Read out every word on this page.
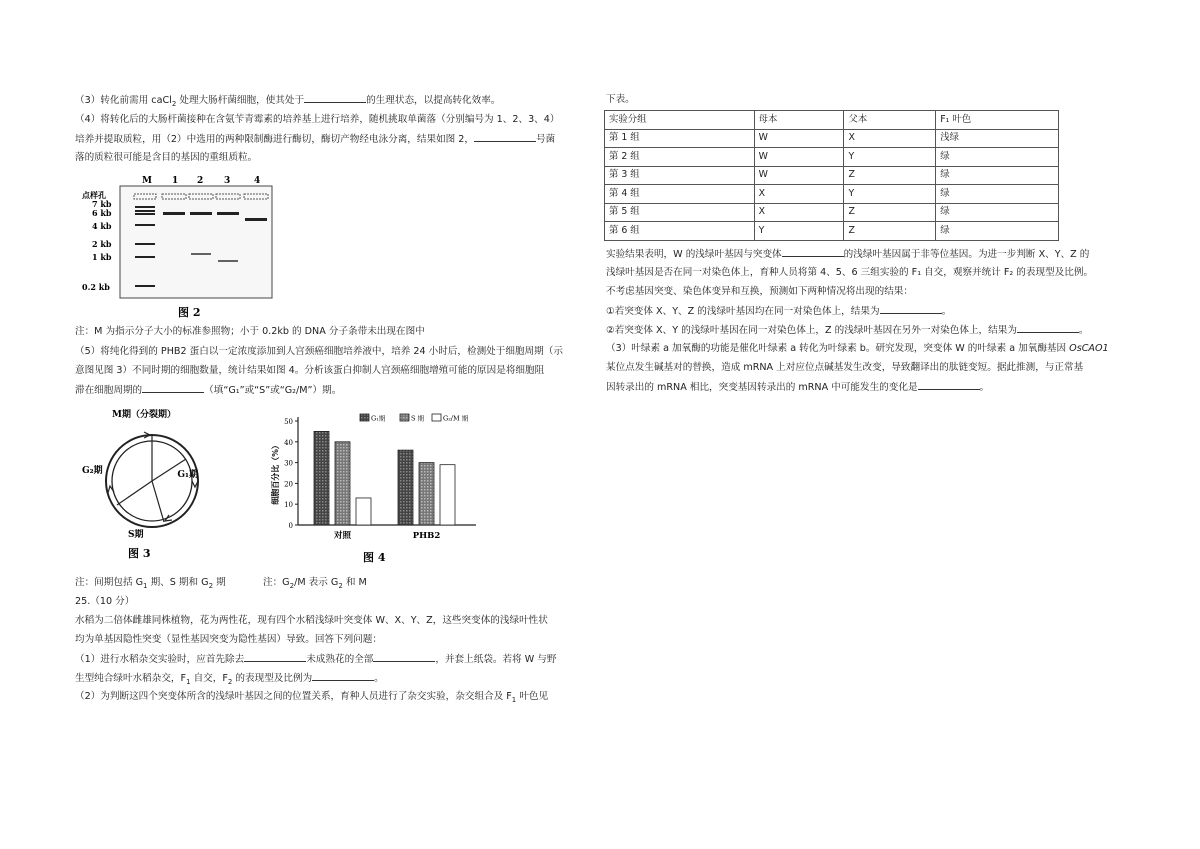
（3）转化前需用 caCl$_2$ 处理大肠杆菌细胞，使其处于	的生理状态，以提高转化效率。
（4）将转化后的大肠杆菌接种在含氨苄青霉素的培养基上进行培养，随机挑取单菌落（分别编号为 1、2、3、4）
培养并提取质粒，用（2）中选用的两种限制酶进行酶切，酶切产物经电泳分离，结果如图 2，	号菌
落的质粒很可能是含目的基因的重组质粒。
M 1 2 3	4
点样孔
7 kb
6 kb
4 kb
2 kb
1 kb
0.2 kb
图 2
注：M 为指示分子大小的标准参照物；小于 0.2kb 的 DNA 分子条带未出现在图中
（5）将纯化得到的 PHB2 蛋白以一定浓度添加到人宫颈癌细胞培养液中，培养 24 小时后，检测处于细胞周期（示
意图见图 3）不同时期的细胞数量，统计结果如图 4。分析该蛋白抑制人宫颈癌细胞增殖可能的原因是将细胞阻
滞在细胞周期的	（填“G₁”或“S”或“G₂/M”）期。
M期（分裂期）
G₂期	G₁期
S期
图 3
0
10
20
30
40
50
细胞百分比（%）
对照	PHB2
G₁期	S 期	G₂/M 期
图 4
注：间期包括 $G_1$ 期、S 期和 $G_2$ 期	注：$G_2/M$ 表示 $G_2$ 和 M
25.（10 分）
水稻为二倍体雌雄同株植物，花为两性花，现有四个水稻浅绿叶突变体 W、X、Y、Z，这些突变体的浅绿叶性状
均为单基因隐性突变（显性基因突变为隐性基因）导致。回答下列问题：
（1）进行水稻杂交实验时，应首先除去	未成熟花的全部	，并套上纸袋。若将 W 与野
生型纯合绿叶水稻杂交，$F_1$ 自交，$F_2$ 的表现型及比例为	。
（2）为判断这四个突变体所含的浅绿叶基因之间的位置关系，育种人员进行了杂交实验，杂交组合及 $F_1$ 叶色见
下表。
实验分组	母本	父本	F₁ 叶色
第 1 组	W	X	浅绿
第 2 组	W	Y	绿
第 3 组	W	Z	绿
第 4 组	X	Y	绿
第 5 组	X	Z	绿
第 6 组	Y	Z	绿
实验结果表明，W 的浅绿叶基因与突变体	的浅绿叶基因属于非等位基因。为进一步判断 X、Y、Z 的
浅绿叶基因是否在同一对染色体上，育种人员将第 4、5、6 三组实验的 F₁ 自交，观察并统计 F₂ 的表现型及比例。
不考虑基因突变、染色体变异和互换，预测如下两种情况将出现的结果：
①若突变体 X、Y、Z 的浅绿叶基因均在同一对染色体上，结果为	。
②若突变体 X、Y 的浅绿叶基因在同一对染色体上，Z 的浅绿叶基因在另外一对染色体上，结果为	。
（3）叶绿素 a 加氧酶的功能是催化叶绿素 a 转化为叶绿素 b。研究发现，突变体 W 的叶绿素 a 加氧酶基因 OsCAO1
某位点发生碱基对的替换，造成 mRNA 上对应位点碱基发生改变，导致翻译出的肽链变短。据此推测，与正常基
因转录出的 mRNA 相比，突变基因转录出的 mRNA 中可能发生的变化是	。
